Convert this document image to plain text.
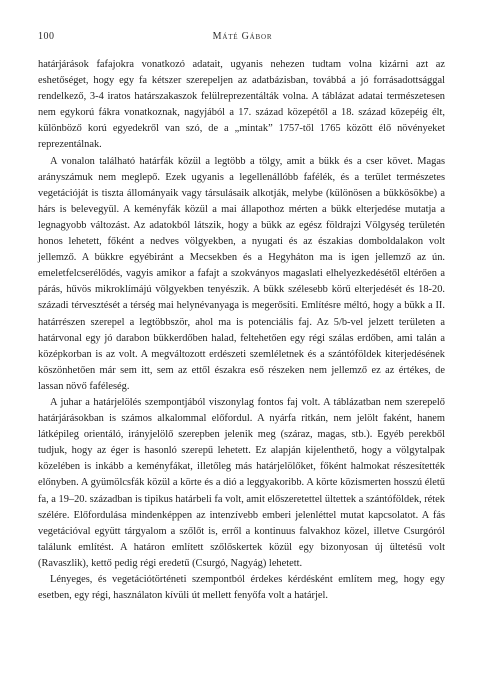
100	Máté Gábor

határjárások fafajokra vonatkozó adatait, ugyanis nehezen tudtam volna kizárni azt az eshetőséget, hogy egy fa kétszer szerepeljen az adatbázisban, továbbá a jó forrásadottsággal rendelkező, 3-4 iratos határszakaszok felülreprezentálták volna. A táblázat adatai természetesen nem egykorú fákra vonatkoznak, nagyjából a 17. század közepétől a 18. század közepéig élt, különböző korú egyedekről van szó, de a „mintak” 1757-től 1765 között élő növényeket reprezentálnak.

A vonalon található határfák közül a legtöbb a tölgy, amit a bükk és a cser követ. Magas arányszámuk nem meglepő. Ezek ugyanis a legellenállóbb fafélék, és a terület természetes vegetációját is tiszta állományaik vagy társulásaik alkotják, melybe (különösen a bükkösökbe) a hárs is belevegyül. A keményfák közül a mai állapothoz mérten a bükk elterjedése mutatja a legnagyobb változást. Az adatokból látszik, hogy a bükk az egész földrajzi Völgység területén honos lehetett, főként a nedves völgyekben, a nyugati és az északias domboldalakon volt jellemző. A bükkre egyébiránt a Mecsekben és a Hegyháton ma is igen jellemző az ún. emeletfelcserélődés, vagyis amikor a fafajt a szokványos magaslati elhelyezkedésétől eltérően a párás, hűvös mikroklímájú völgyekben tenyészik. A bükk szélesebb körű elterjedését és 18-20. századi térvesztését a térség mai helynévanyaga is megerősíti. Említésre méltó, hogy a bükk a II. határrészen szerepel a legtöbbször, ahol ma is potenciális faj. Az 5/b-vel jelzett területen a határvonal egy jó darabon bükkerdőben halad, feltehetően egy régi szálas erdőben, ami talán a középkorban is az volt. A megváltozott erdészeti szemléletnek és a szántóföldek kiterjedésének köszönhetően már sem itt, sem az ettől északra eső részeken nem jellemző ez az értékes, de lassan növő faféleség.

A juhar a határjelölés szempontjából viszonylag fontos faj volt. A táblázatban nem szerepelő határjárásokban is számos alkalommal előfordul. A nyárfa ritkán, nem jelölt faként, hanem látképileg orientáló, irányjelölő szerepben jelenik meg (száraz, magas, stb.). Egyéb perekből tudjuk, hogy az éger is hasonló szerepű lehetett. Ez alapján kijelenthető, hogy a völgytalpak közelében is inkább a keményfákat, illetőleg más határjelölőket, főként halmokat részesítették előnyben. A gyümölcsfák közül a körte és a dió a leggyakoribb. A körte közismerten hosszú életű fa, a 19–20. században is tipikus határbeli fa volt, amit előszeretettel ültettek a szántóföldek, rétek szélére. Előfordulása mindenképpen az intenzívebb emberi jelenléttel mutat kapcsolatot. A fás vegetációval együtt tárgyalom a szőlőt is, erről a kontinuus falvakhoz közel, illetve Csurgóról találunk említést. A határon említett szőlőskertek közül egy bizonyosan új ültetésű volt (Ravaszlik), kettő pedig régi eredetű (Csurgó, Nagyág) lehetett.

Lényeges, és vegetációtörténeti szempontból érdekes kérdésként említem meg, hogy egy esetben, egy régi, használaton kívüli út mellett fenyőfa volt a határjel.
